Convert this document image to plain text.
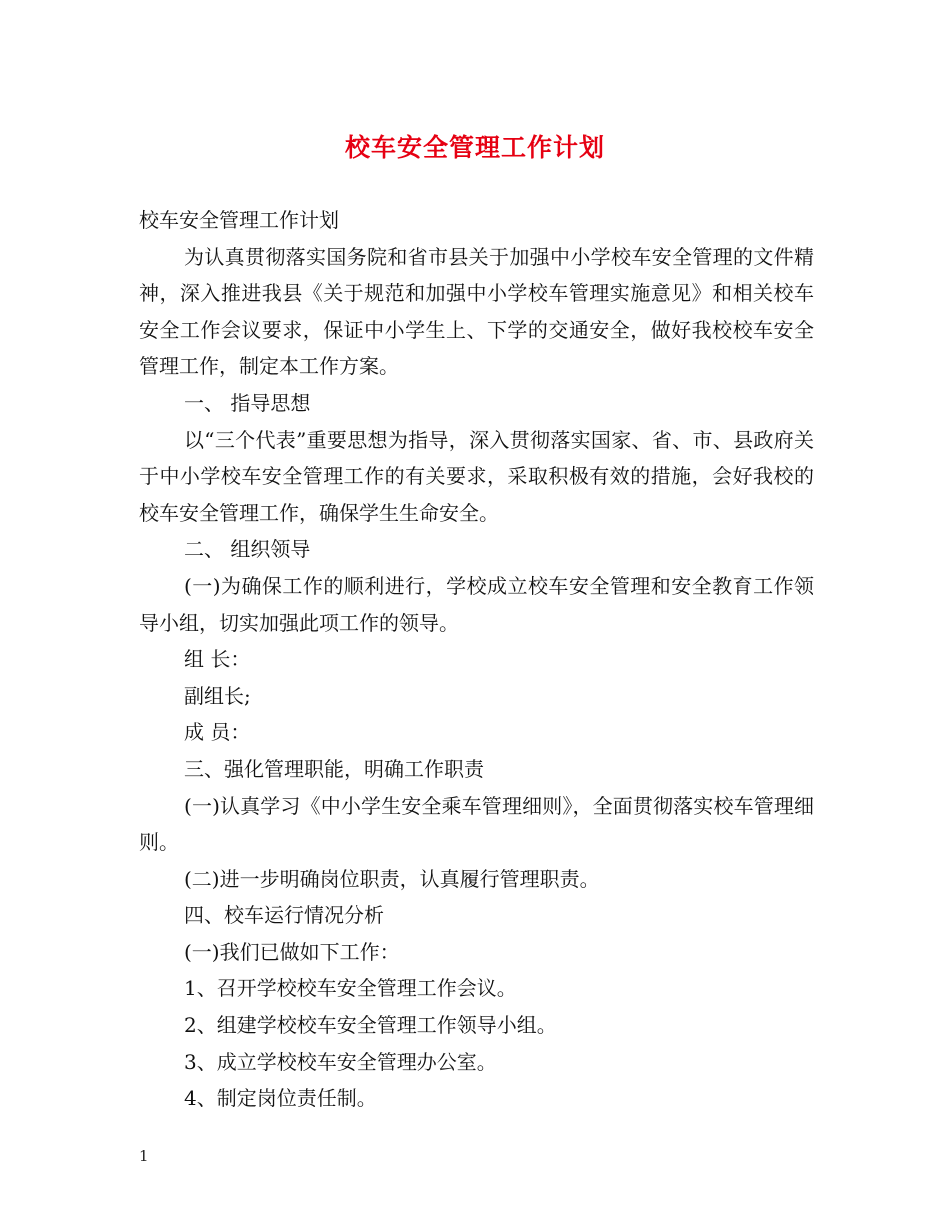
校车安全管理工作计划

校车安全管理工作计划

为认真贯彻落实国务院和省市县关于加强中小学校车安全管理的文件精神，深入推进我县《关于规范和加强中小学校车管理实施意见》和相关校车安全工作会议要求，保证中小学生上、下学的交通安全，做好我校校车安全管理工作，制定本工作方案。

一、 指导思想

以“三个代表”重要思想为指导，深入贯彻落实国家、省、市、县政府关于中小学校车安全管理工作的有关要求，采取积极有效的措施，会好我校的校车安全管理工作，确保学生生命安全。

二、 组织领导

(一)为确保工作的顺利进行，学校成立校车安全管理和安全教育工作领导小组，切实加强此项工作的领导。

组 长：

副组长;

成 员：

三、强化管理职能，明确工作职责

(一)认真学习《中小学生安全乘车管理细则》，全面贯彻落实校车管理细则。

(二)进一步明确岗位职责，认真履行管理职责。

四、校车运行情况分析

(一)我们已做如下工作：

1、召开学校校车安全管理工作会议。

2、组建学校校车安全管理工作领导小组。

3、成立学校校车安全管理办公室。

4、制定岗位责任制。

1
